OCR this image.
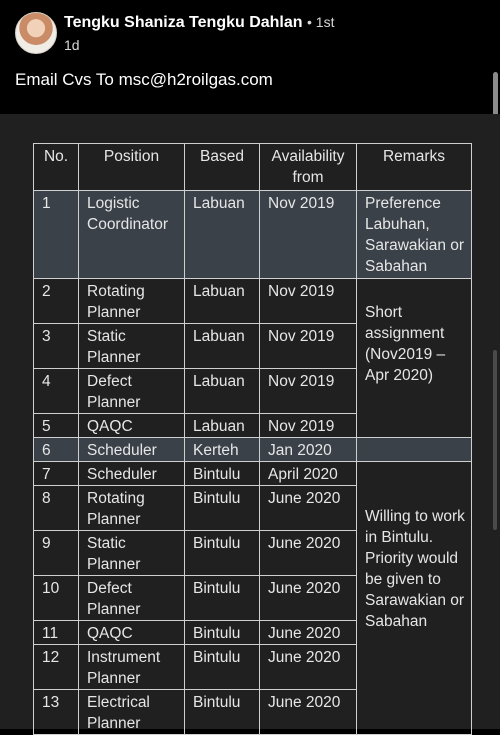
Tengku Shaniza Tengku Dahlan • 1st
1d
Email Cvs To msc@h2roilgas.com
No.	Position	Based	Availability from	Remarks
1	Logistic Coordinator	Labuan	Nov 2019	Preference Labuhan, Sarawakian or Sabahan
2	Rotating Planner	Labuan	Nov 2019	Short assignment (Nov2019 – Apr 2020)
3	Static Planner	Labuan	Nov 2019	
4	Defect Planner	Labuan	Nov 2019	
5	QAQC	Labuan	Nov 2019	
6	Scheduler	Kerteh	Jan 2020	
7	Scheduler	Bintulu	April 2020	Willing to work in Bintulu. Priority would be given to Sarawakian or Sabahan
8	Rotating Planner	Bintulu	June 2020	
9	Static Planner	Bintulu	June 2020	
10	Defect Planner	Bintulu	June 2020	
11	QAQC	Bintulu	June 2020	
12	Instrument Planner	Bintulu	June 2020	
13	Electrical Planner	Bintulu	June 2020	
